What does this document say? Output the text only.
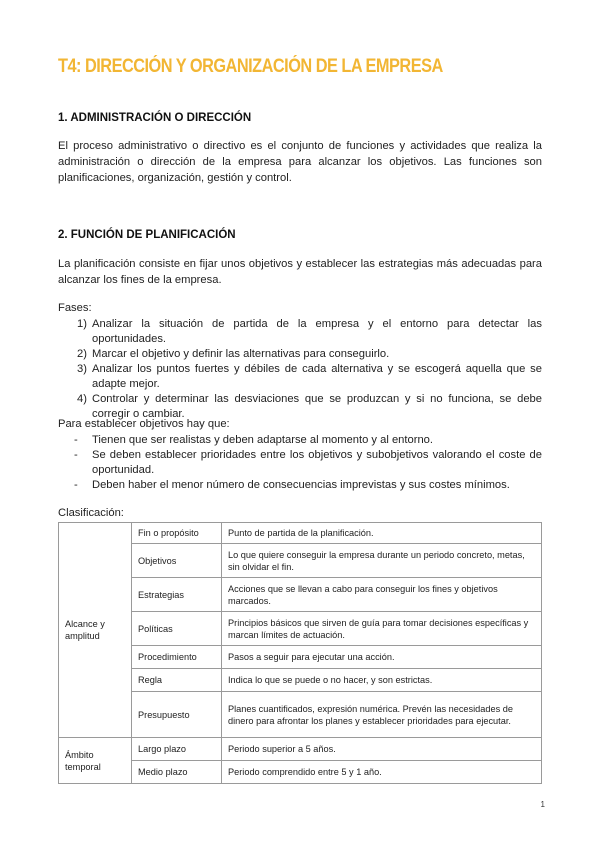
T4: DIRECCIÓN Y ORGANIZACIÓN DE LA EMPRESA
1. ADMINISTRACIÓN O DIRECCIÓN
El proceso administrativo o directivo es el conjunto de funciones y actividades que realiza la administración o dirección de la empresa para alcanzar los objetivos. Las funciones son planificaciones, organización, gestión y control.
2. FUNCIÓN DE PLANIFICACIÓN
La planificación consiste en fijar unos objetivos y establecer las estrategias más adecuadas para alcanzar los fines de la empresa.
Fases:
1) Analizar la situación de partida de la empresa y el entorno para detectar las oportunidades.
2) Marcar el objetivo y definir las alternativas para conseguirlo.
3) Analizar los puntos fuertes y débiles de cada alternativa y se escogerá aquella que se adapte mejor.
4) Controlar y determinar las desviaciones que se produzcan y si no funciona, se debe corregir o cambiar.
Para establecer objetivos hay que:
-	Tienen que ser realistas y deben adaptarse al momento y al entorno.
-	Se deben establecer prioridades entre los objetivos y subobjetivos valorando el coste de oportunidad.
-	Deben haber el menor número de consecuencias imprevistas y sus costes mínimos.
Clasificación:
Alcance y amplitud	Fin o propósito	Punto de partida de la planificación.
	Objetivos	Lo que quiere conseguir la empresa durante un periodo concreto, metas, sin olvidar el fin.
	Estrategias	Acciones que se llevan a cabo para conseguir los fines y objetivos marcados.
	Políticas	Principios básicos que sirven de guía para tomar decisiones específicas y marcan límites de actuación.
	Procedimiento	Pasos a seguir para ejecutar una acción.
	Regla	Indica lo que se puede o no hacer, y son estrictas.
	Presupuesto	Planes cuantificados, expresión numérica. Prevén las necesidades de dinero para afrontar los planes y establecer prioridades para ejecutar.
Ámbito temporal	Largo plazo	Periodo superior a 5 años.
	Medio plazo	Periodo comprendido entre 5 y 1 año.
1
